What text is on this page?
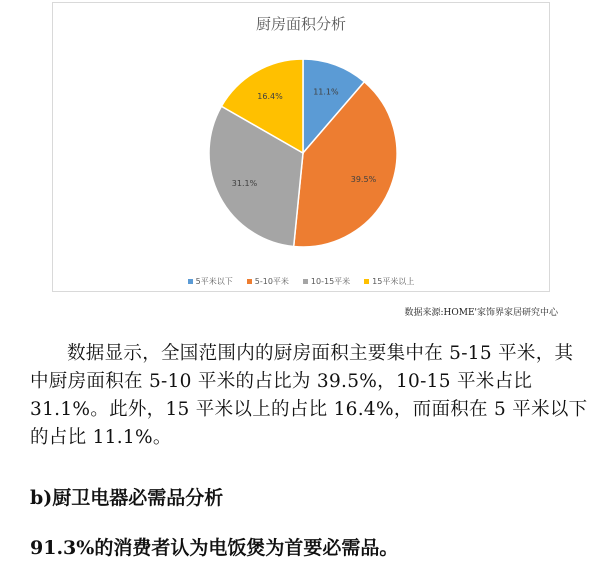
厨房面积分析
11.1%
39.5%
31.1%
16.4%
5平米以下	5-10平米	10-15平米	15平米以上
数据来源:HOME'家饰界家居研究中心

数据显示，全国范围内的厨房面积主要集中在 5-15 平米，其中厨房面积在 5-10 平米的占比为 39.5%，10-15 平米占比 31.1%。此外，15 平米以上的占比 16.4%，而面积在 5 平米以下的占比 11.1%。

b)厨卫电器必需品分析
91.3%的消费者认为电饭煲为首要必需品。
